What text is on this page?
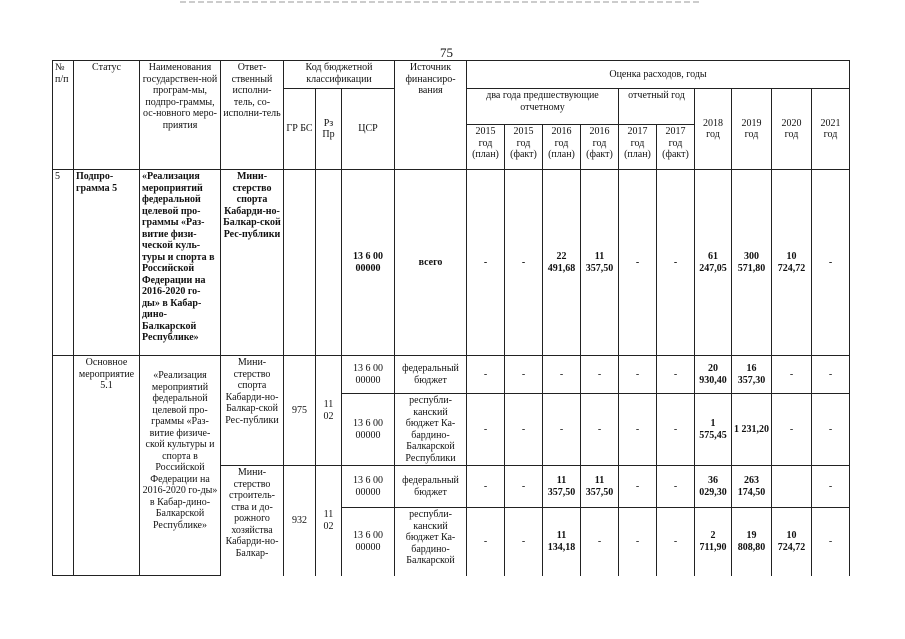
75
№ п/п	Статус	Наименования государствен-ной програм-мы, подпро-граммы, ос-новного меро-приятия	Ответ-ственный исполни-тель, со-исполни-тель	Код бюджетной классификации			Источник финансиро-вания	Оценка расходов, годы									
				ГР БС	Рз Пр	ЦСР		два года предшествующие отчетному				отчетный год		2018 год	2019 год	2020 год	2021 год
								2015 год (план)	2015 год (факт)	2016 год (план)	2016 год (факт)	2017 год (план)	2017 год (факт)				
5	Подпро-грамма 5	«Реализация мероприятий федеральной целевой про-граммы «Раз-витие физи-ческой куль-туры и спорта в Российской Федерации на 2016-2020 го-ды» в Кабар-дино-Балкарской Республике»	Мини-стерство спорта Кабарди-но-Балкар-ской Рес-публики			13 6 00 00000	всего	-	-	22 491,68	11 357,50	-	-	61 247,05	300 571,80	10 724,72	-
	Основное мероприятие 5.1	«Реализация мероприятий федеральной целевой про-граммы «Раз-витие физиче-ской культуры и спорта в Российской Федерации на 2016-2020 го-ды» в Кабар-дино-Балкарской Республике»	Мини-стерство спорта Кабарди-но-Балкар-ской Рес-публики	975	11 02	13 6 00 00000	федеральный бюджет	-	-	-	-	-	-	20 930,40	16 357,30	-	-
						13 6 00 00000	республи-канский бюджет Ка-бардино-Балкарской Республики	-	-	-	-	-	-	1 575,45	1 231,20	-	-
			Мини-стерство строитель-ства и до-рожного хозяйства Кабарди-но-Балкар-	932	11 02	13 6 00 00000	федеральный бюджет	-	-	11 357,50	11 357,50	-	-	36 029,30	263 174,50		-
						13 6 00 00000	республи-канский бюджет Ка-бардино-Балкарской	-	-	11 134,18	-	-	-	2 711,90	19 808,80	10 724,72	-
